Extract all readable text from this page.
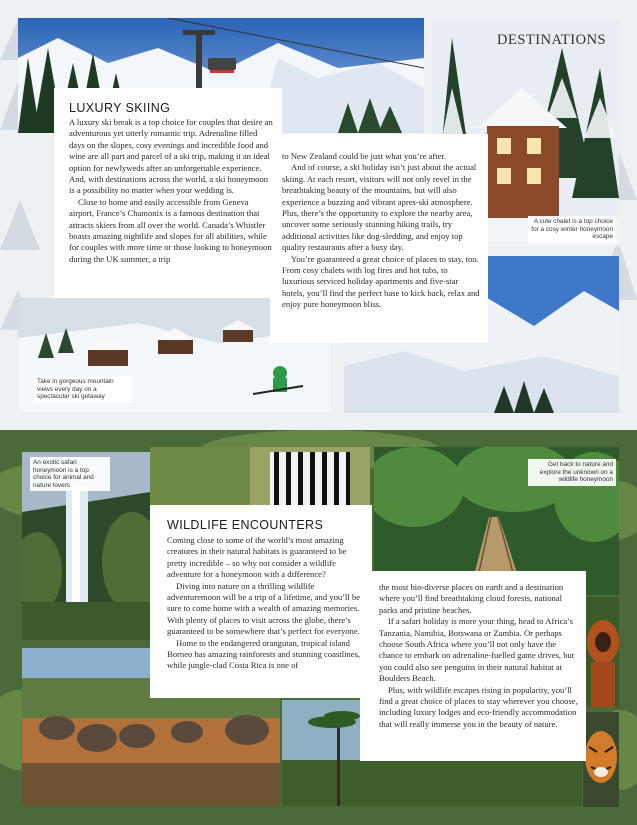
DESTINATIONS
A cute chalet is a top choice for a cosy winter honeymoon escape
Take in gorgeous mountain views every day on a spectacular ski getaway
LUXURY SKIING

A luxury ski break is a top choice for couples that desire an adventurous yet utterly romantic trip. Adrenaline filled days on the slopes, cosy evenings and incredible food and wine are all part and parcel of a ski trip, making it an ideal option for newlyweds after an unforgettable experience. And, with destinations across the world, a ski honeymoon is a possibility no matter when your wedding is.

Close to home and easily accessible from Geneva airport, France’s Chamonix is a famous destination that attracts skiers from all over the world. Canada’s Whistler boasts amazing nightlife and slopes for all abilities, while for couples with more time or those looking to honeymoon during the UK summer, a trip

to New Zealand could be just what you’re after.

And of course, a ski holiday isn’t just about the actual skiing. At each resort, visitors will not only revel in the breathtaking beauty of the mountains, but will also experience a buzzing and vibrant apres-ski atmosphere. Plus, there’s the opportunity to explore the nearby area, uncover some seriously stunning hiking trails, try additional activities like dog-sledding, and enjoy top quality restaurants after a busy day.

You’re guaranteed a great choice of places to stay, too. From cosy chalets with log fires and hot tubs, to luxurious serviced holiday apartments and five-star hotels, you’ll find the perfect base to kick back, relax and enjoy pure honeymoon bliss.

An exotic safari honeymoon is a top choice for animal and nature lovers
Get back to nature and explore the unknown on a wildlife honeymoon
WILDLIFE ENCOUNTERS

Coming close to some of the world’s most amazing creatures in their natural habitats is guaranteed to be pretty incredible – so why not consider a wildlife adventure for a honeymoon with a difference?

Diving into nature on a thrilling wildlife adventuremoon will be a trip of a lifetime, and you’ll be sure to come home with a wealth of amazing memories. With plenty of places to visit across the globe, there’s guaranteed to be somewhere that’s perfect for everyone.

Home to the endangered orangutan, tropical island Borneo has amazing rainforests and stunning coastlines, while jungle-clad Costa Rica is one of

the most bio-diverse places on earth and a destination where you’ll find breathtaking cloud forests, national parks and pristine beaches.

If a safari holiday is more your thing, head to Africa’s Tanzania, Namibia, Botswana or Zambia. Or perhaps choose South Africa where you’ll not only have the chance to embark on adrenaline-fuelled game drives, but you could also see penguins in their natural habitat at Boulders Beach.

Plus, with wildlife escapes rising in popularity, you’ll find a great choice of places to stay wherever you choose, including luxury lodges and eco-friendly accommodation that will really immerse you in the beauty of nature.

209
